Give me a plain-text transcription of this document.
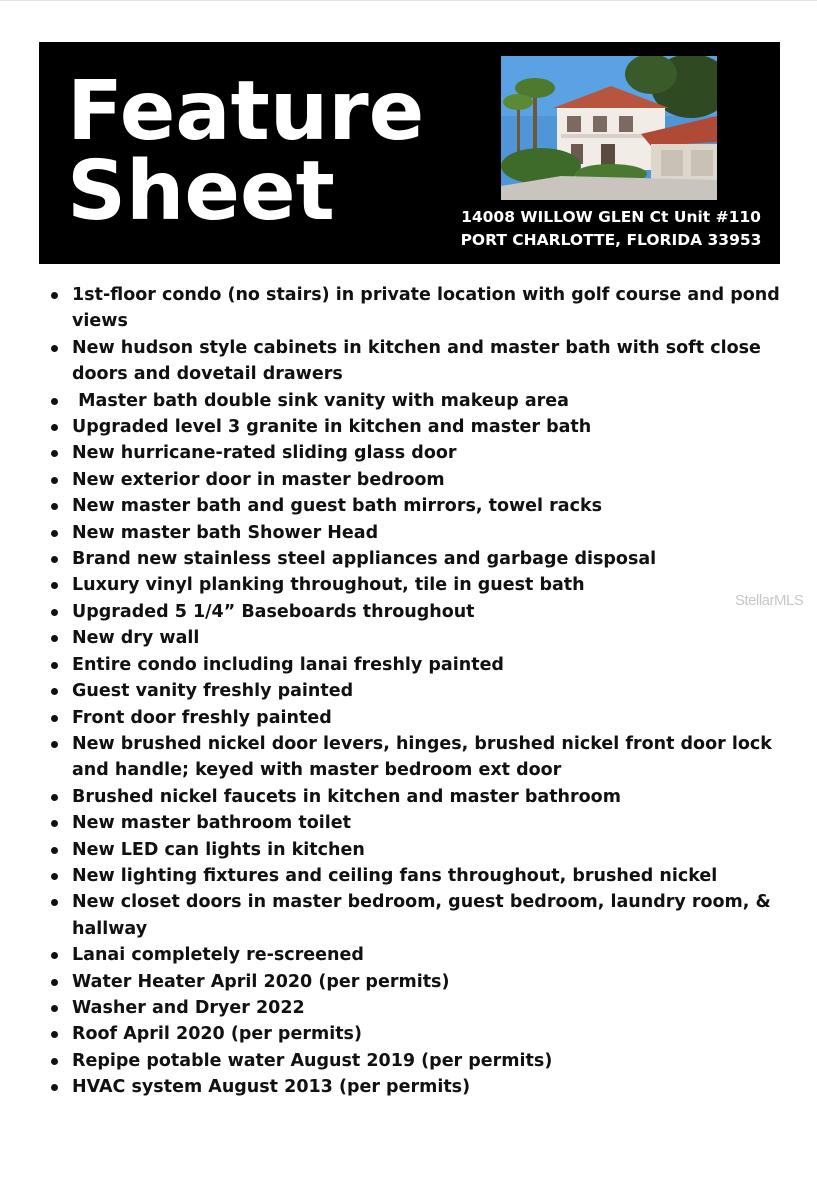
Feature
Sheet	14008 WILLOW GLEN Ct Unit #110
PORT CHARLOTTE, FLORIDA 33953
1st-floor condo (no stairs) in private location with golf course and pond views
New hudson style cabinets in kitchen and master bath with soft close doors and dovetail drawers
Master bath double sink vanity with makeup area
Upgraded level 3 granite in kitchen and master bath
New hurricane-rated sliding glass door
New exterior door in master bedroom
New master bath and guest bath mirrors, towel racks
New master bath Shower Head
Brand new stainless steel appliances and garbage disposal
Luxury vinyl planking throughout, tile in guest bath
Upgraded 5 1/4” Baseboards throughout
New dry wall
Entire condo including lanai freshly painted
Guest vanity freshly painted
Front door freshly painted
New brushed nickel door levers, hinges, brushed nickel front door lock and handle; keyed with master bedroom ext door
Brushed nickel faucets in kitchen and master bathroom
New master bathroom toilet
New LED can lights in kitchen
New lighting fixtures and ceiling fans throughout, brushed nickel
New closet doors in master bedroom, guest bedroom, laundry room, & hallway
Lanai completely re-screened
Water Heater April 2020 (per permits)
Washer and Dryer 2022
Roof April 2020 (per permits)
Repipe potable water August 2019 (per permits)
HVAC system August 2013 (per permits)
StellarMLS
